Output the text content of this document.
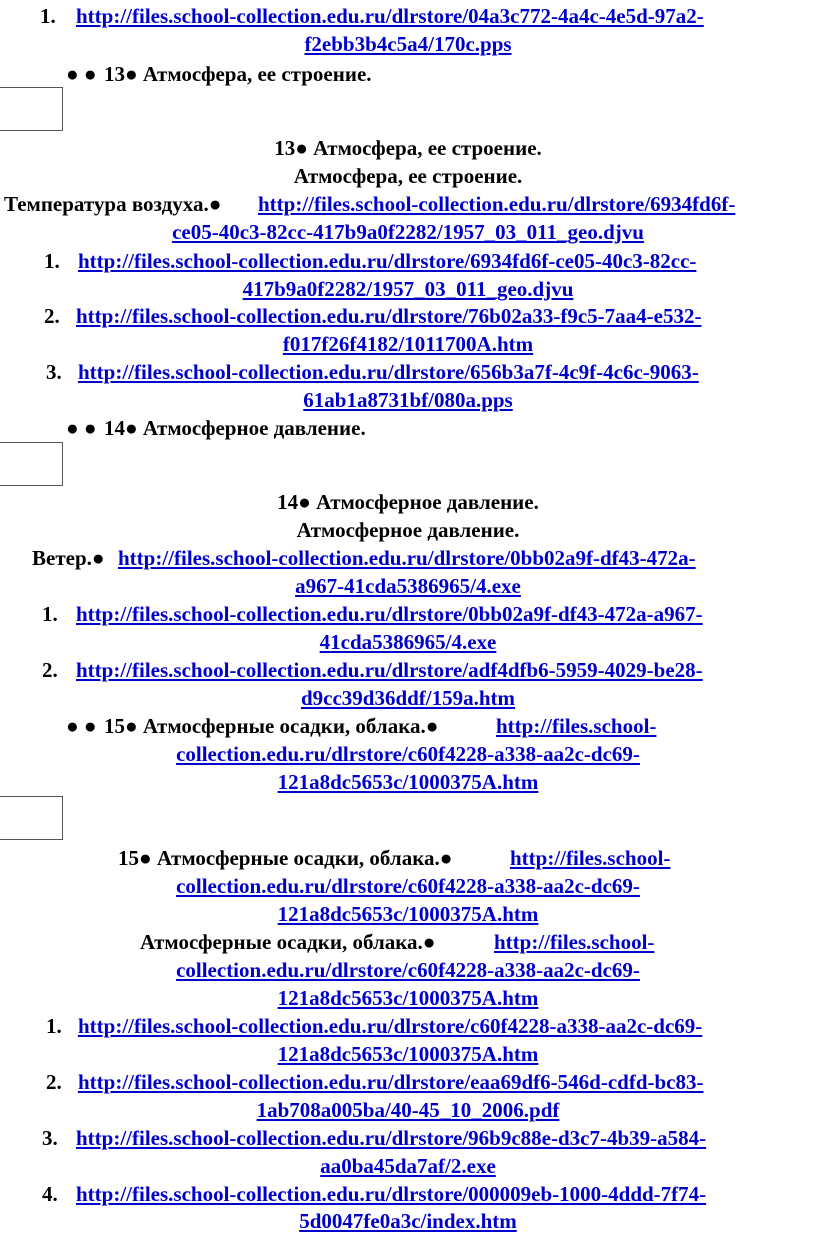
1. http://files.school-collection.edu.ru/dlrstore/04a3c772-4a4c-4e5d-97a2-
f2ebb3b4c5a4/170c.pps
● ● 13● Атмосфера, ее строение.
13● Атмосфера, ее строение.
Атмосфера, ее строение.
Температура воздуха.● http://files.school-collection.edu.ru/dlrstore/6934fd6f-
ce05-40c3-82cc-417b9a0f2282/1957_03_011_geo.djvu
1. http://files.school-collection.edu.ru/dlrstore/6934fd6f-ce05-40c3-82cc-
417b9a0f2282/1957_03_011_geo.djvu
2. http://files.school-collection.edu.ru/dlrstore/76b02a33-f9c5-7aa4-e532-
f017f26f4182/1011700A.htm
3. http://files.school-collection.edu.ru/dlrstore/656b3a7f-4c9f-4c6c-9063-
61ab1a8731bf/080a.pps
● ● 14● Атмосферное давление.
14● Атмосферное давление.
Атмосферное давление.
Ветер.● http://files.school-collection.edu.ru/dlrstore/0bb02a9f-df43-472a-
a967-41cda5386965/4.exe
1. http://files.school-collection.edu.ru/dlrstore/0bb02a9f-df43-472a-a967-
41cda5386965/4.exe
2. http://files.school-collection.edu.ru/dlrstore/adf4dfb6-5959-4029-be28-
d9cc39d36ddf/159a.htm
● ● 15● Атмосферные осадки, облака.●	http://files.school-
collection.edu.ru/dlrstore/c60f4228-a338-aa2c-dc69-
121a8dc5653c/1000375A.htm
15● Атмосферные осадки, облака.●	http://files.school-
collection.edu.ru/dlrstore/c60f4228-a338-aa2c-dc69-
121a8dc5653c/1000375A.htm
Атмосферные осадки, облака.●	http://files.school-
collection.edu.ru/dlrstore/c60f4228-a338-aa2c-dc69-
121a8dc5653c/1000375A.htm
1. http://files.school-collection.edu.ru/dlrstore/c60f4228-a338-aa2c-dc69-
121a8dc5653c/1000375A.htm
2. http://files.school-collection.edu.ru/dlrstore/eaa69df6-546d-cdfd-bc83-
1ab708a005ba/40-45_10_2006.pdf
3. http://files.school-collection.edu.ru/dlrstore/96b9c88e-d3c7-4b39-a584-
aa0ba45da7af/2.exe
4. http://files.school-collection.edu.ru/dlrstore/000009eb-1000-4ddd-7f74-
5d0047fe0a3c/index.htm
